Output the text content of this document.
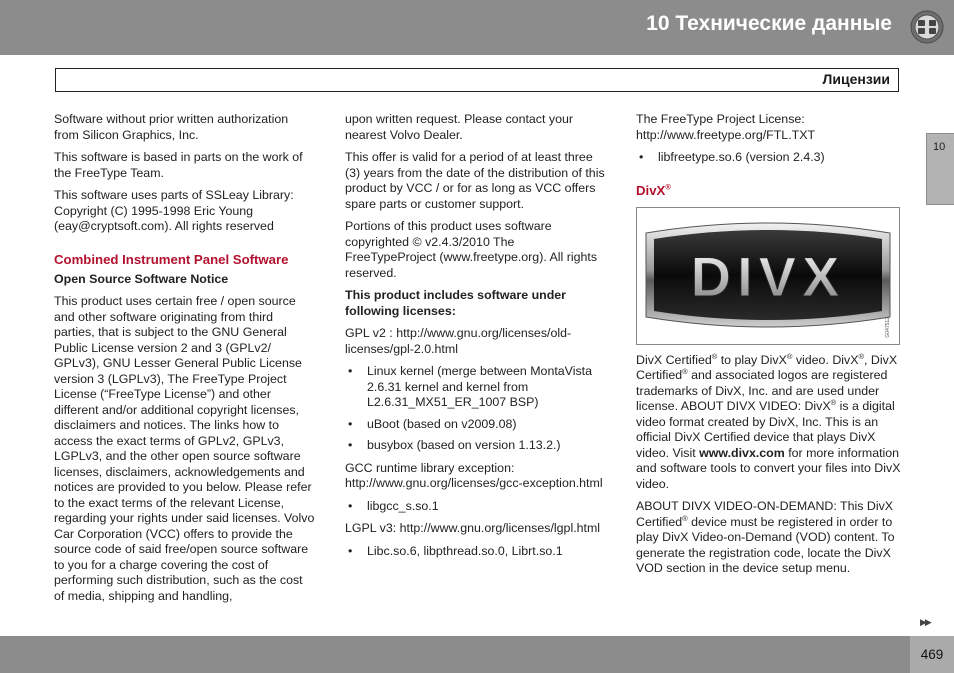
10 Технические данные
Лицензии
10

Software without prior written authorization from Silicon Graphics, Inc.

This software is based in parts on the work of the FreeType Team.

This software uses parts of SSLeay Library: Copyright (C) 1995-1998 Eric Young (eay@cryptsoft.com). All rights reserved

Combined Instrument Panel Software
Open Source Software Notice

This product uses certain free / open source and other software originating from third parties, that is subject to the GNU General Public License version 2 and 3 (GPLv2/ GPLv3), GNU Lesser General Public License version 3 (LGPLv3), The FreeType Project License (“FreeType License”) and other different and/or additional copyright licenses, disclaimers and notices. The links how to access the exact terms of GPLv2, GPLv3, LGPLv3, and the other open source software licenses, disclaimers, acknowledgements and notices are provided to you below. Please refer to the exact terms of the relevant License, regarding your rights under said licenses. Volvo Car Corporation (VCC) offers to provide the source code of said free/open source software to you for a charge covering the cost of performing such distribution, such as the cost of media, shipping and handling,

upon written request. Please contact your nearest Volvo Dealer.

This offer is valid for a period of at least three (3) years from the date of the distribution of this product by VCC / or for as long as VCC offers spare parts or customer support.

Portions of this product uses software copyrighted © v2.4.3/2010 The FreeTypeProject (www.freetype.org). All rights reserved.

This product includes software under following licenses:

GPL v2 : http://www.gnu.org/licenses/old-licenses/gpl-2.0.html

• Linux kernel (merge between MontaVista 2.6.31 kernel and kernel from L2.6.31_MX51_ER_1007 BSP)
• uBoot (based on v2009.08)
• busybox (based on version 1.13.2.)

GCC runtime library exception: http://www.gnu.org/licenses/gcc-exception.html

• libgcc_s.so.1

LGPL v3: http://www.gnu.org/licenses/lgpl.html

• Libc.so.6, libpthread.so.0, Librt.so.1

The FreeType Project License: http://www.freetype.org/FTL.TXT

• libfreetype.so.6 (version 2.4.3)
DivX®
DIVX
G047512

DivX Certified® to play DivX® video. DivX®, DivX Certified® and associated logos are registered trademarks of DivX, Inc. and are used under license. ABOUT DIVX VIDEO: DivX® is a digital video format created by DivX, Inc. This is an official DivX Certified device that plays DivX video. Visit www.divx.com for more information and software tools to convert your files into DivX video.

ABOUT DIVX VIDEO-ON-DEMAND: This DivX Certified® device must be registered in order to play DivX Video-on-Demand (VOD) content. To generate the registration code, locate the DivX VOD section in the device setup menu.

▶▶
469
